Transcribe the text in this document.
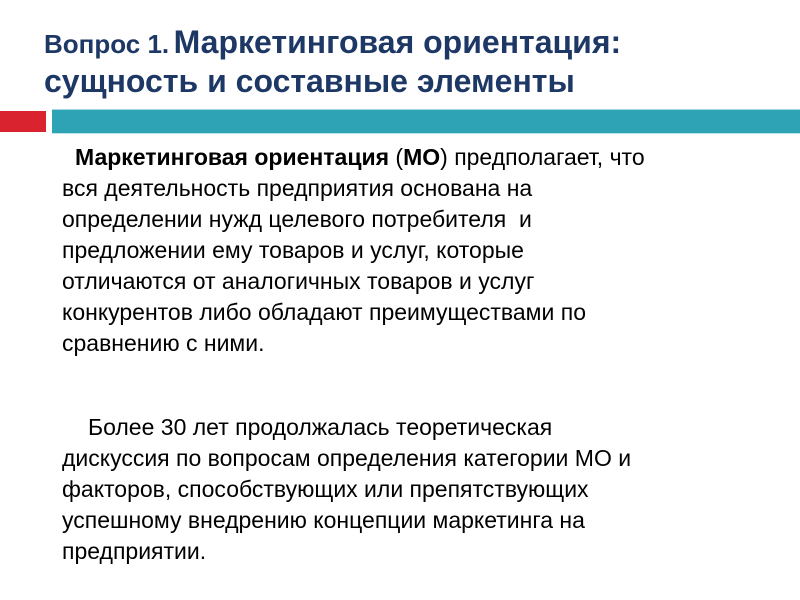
Вопрос 1. Маркетинговая ориентация:
сущность и составные элементы
Маркетинговая ориентация (МО) предполагает, что
вся деятельность предприятия основана на
определении нужд целевого потребителя  и
предложении ему товаров и услуг, которые
отличаются от аналогичных товаров и услуг
конкурентов либо обладают преимуществами по
сравнению с ними.
Более 30 лет продолжалась теоретическая
дискуссия по вопросам определения категории МО и
факторов, способствующих или препятствующих
успешному внедрению концепции маркетинга на
предприятии.
